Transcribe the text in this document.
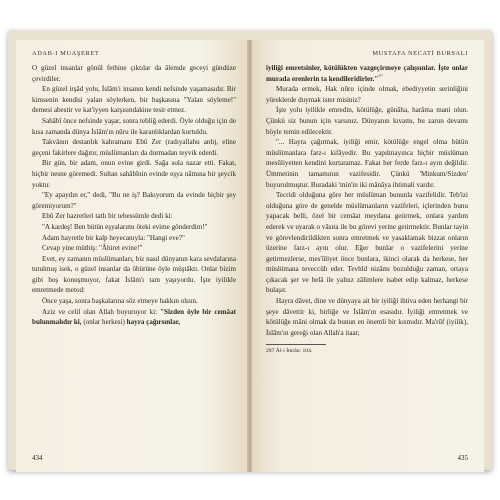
ADAB-I MUAŞERET

O güzel insanlar gönül fethine çıktılar da âlemde geceyi gündüze çevirdiler.

En güzel irşâd yolu, İslâm'ı insanın kendi nefsinde yaşamasıdır. Bir kimsenin kendisi yalan söylerken, bir başkasına "Yalan söyleme!" demesi abestir ve kat'iyyen karşısındakine tesir etmez.

Sahâbî önce nefsinde yaşar, sonra tebliğ ederdi. Öyle olduğu için de kısa zamanda dünya İslâm'ın nûru ile karanlıklardan kurtuldu.

Takvânın destanlık kahramanı Ebû Zer (radıyallahu anh), eline geçeni fakirlere dağıtır, müslümanları da durmadan teyvik ederdi.

Bir gün, bir adam, onun evine girdi. Sağa sola nazar etti. Fakat, hiçbir nesne göremedi. Sultan sahâbînin evinde eşya nâmına bir şeycik yoktu:

"Ey apaydın er," dedi, "Bu ne iş? Bakıyorum da evinde hiçbir şey göremiyorum?"

Ebû Zer hazretleri tatlı bir tebessümle dedi ki:

"A kardeş! Ben bütün eşyalarımı öteki evime gönderdim!"

Adam hayretle bir kalp heyecanıyla: "Hangi eve?"

Cevap yine müthiş: "Âhiret evine!"

Evet, ey zamanın müslümanları, biz nasıl dünyanın kara sevdalarına tutulmuş isek, o güzel insanlar da öbürüne öyle müştâktı. Onlar bizim gibi boş konuşmuyor, fakat İslâm'ı tam yaşıyordu. İşte iyilikle emretmede metod:

Önce yaşa, sonra başkalarına söz etmeye hakkın olsun.

Aziz ve celil olan Allah buyuruyor ki: "Sizden öyle bir cemâat bulunmalıdır ki, (onlar herkesi) hayra çağırsınlar,

434
MUSTAFA NECATİ BURSALI

iyiliği emretsinler, kötülükten vazgeçirmeye çalışsınlar. İşte onlar murada erenlerin ta kendileridirler."$^{^{297}}$

Murada ermek, Hak nûru içinde olmak, ebediyyetin serinliğini yüreklerde duymak ister misiniz?

İşte yolu iyilikle emredin, kötülüğe, günâha, harâma mani olun. Çünkü siz bunun için varsınız. Dünyanın kıvamı, bu zarun devamı böyle temin edilecektir.

"... Hayra çağırmak, iyiliği emir, kötülüğe engel olma bütün müslümanlara farz-ı kifâyedir. Bu yapılmayınca hiçbir müslüman mesûliyetten kendini kurtaramaz. Fakat her ferde farz-ı ayın değildir. Ümmetinin tamamının vazifesidir. Çünkü 'Minkum/Sizden' buyurulmuştur. Buradaki 'min'in iki mânâya ihtimali vardır.

Tecridi olduğuna göre her müslüman bununla vazifelidir. Teb'izi olduğuna göre de genelde müslümanların vazifeleri, içlerinden bunu yapacak belli, özel bir cemâat meydana getirmek, onlara yardım ederek ve uyarak o vâsıta ile bu görevi yerine getirmektir. Bunlar tayin ve görevlendirildikten sonra emretmek ve yasaklamak bizzat onların üzerine farz-ı ayın olur. Eğer bunlar o vazifelerini yerine getirmezlerse, mes'ûliyet önce bunlara, ikinci olarak da herkese, her müslümana teveccüh eder. Tevhîd nizâmı bozulduğu zaman, ortaya çıkacak şer ve belâ ile yalnız zâlimlere isabet edip kalmaz, herkese bulaşır.

Hayra dâvet, dine ve dünyaya ait bir iyiliği ihtiva eden herhangi bir şeye dâvettir ki, birliğe ve İslâm'ın esasıdır. İyiliği emretmek ve kötülüğe mâni olmak da bunun en önemli bir kısmıdır. Ma'rûf (iyilik), İslâm'ın gereği olan Allah'a itaat;

297 Âl-i İmrân: 104.
435
